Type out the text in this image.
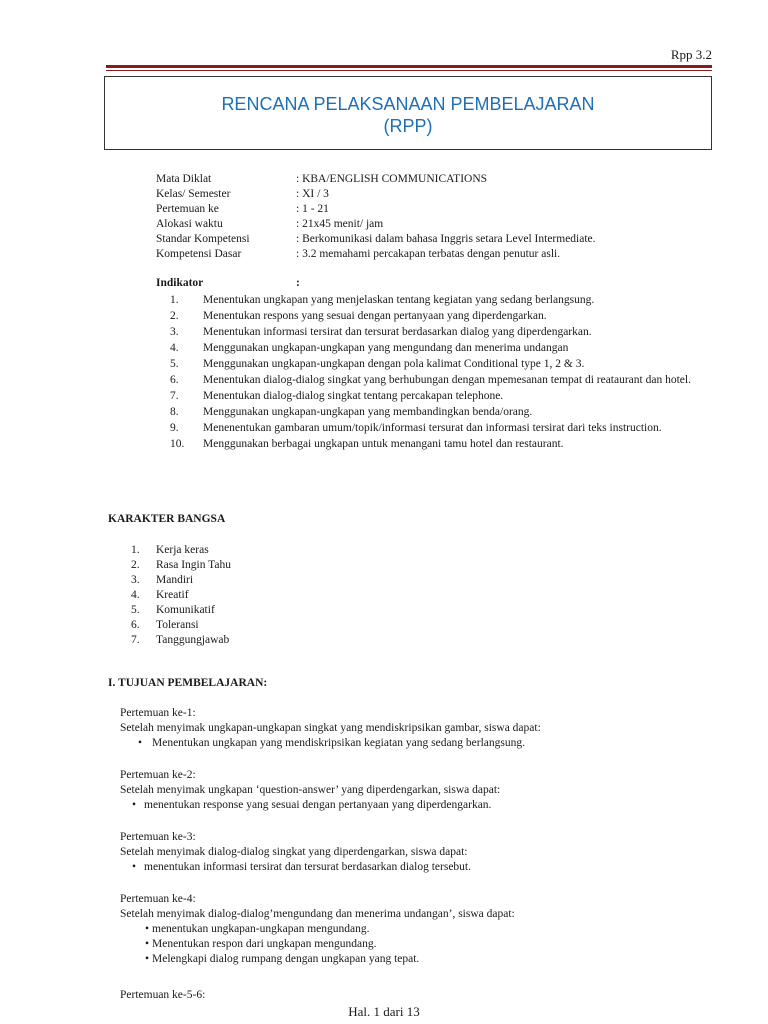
Rpp 3.2
RENCANA PELAKSANAAN PEMBELAJARAN
(RPP)
Mata Diklat	: KBA/ENGLISH COMMUNICATIONS
Kelas/ Semester	: XI / 3
Pertemuan ke	: 1 - 21
Alokasi waktu	: 21x45 menit/ jam
Standar Kompetensi	: Berkomunikasi dalam bahasa Inggris setara Level Intermediate.
Kompetensi Dasar	: 3.2 memahami percakapan terbatas dengan penutur asli.
Indikator	:
1.	Menentukan ungkapan yang menjelaskan tentang kegiatan yang sedang berlangsung.
2.	Menentukan respons yang sesuai dengan pertanyaan yang diperdengarkan.
3.	Menentukan informasi tersirat dan tersurat berdasarkan dialog yang diperdengarkan.
4.	Menggunakan ungkapan-ungkapan yang mengundang dan menerima undangan
5.	Menggunakan ungkapan-ungkapan dengan pola kalimat Conditional type 1, 2 & 3.
6.	Menentukan dialog-dialog singkat yang berhubungan dengan mpemesanan tempat di reataurant dan hotel.
7.	Menentukan dialog-dialog singkat tentang percakapan telephone.
8.	Menggunakan ungkapan-ungkapan yang membandingkan benda/orang.
9.	Menenentukan gambaran umum/topik/informasi tersurat dan informasi tersirat dari teks instruction.
10.	Menggunakan berbagai ungkapan untuk menangani tamu hotel dan restaurant.
KARAKTER BANGSA
1.	Kerja keras
2.	Rasa Ingin Tahu
3.	Mandiri
4.	Kreatif
5.	Komunikatif
6.	Toleransi
7.	Tanggungjawab
I. TUJUAN PEMBELAJARAN:
Pertemuan ke-1:
Setelah menyimak ungkapan-ungkapan singkat yang mendiskripsikan gambar, siswa dapat:
• Menentukan ungkapan yang mendiskripsikan kegiatan yang sedang berlangsung.
Pertemuan ke-2:
Setelah menyimak ungkapan ‘question-answer’ yang diperdengarkan, siswa dapat:
• menentukan response yang sesuai dengan pertanyaan yang diperdengarkan.
Pertemuan ke-3:
Setelah menyimak dialog-dialog singkat yang diperdengarkan, siswa dapat:
• menentukan informasi tersirat dan tersurat berdasarkan dialog tersebut.
Pertemuan ke-4:
Setelah menyimak dialog-dialog’mengundang dan menerima undangan’, siswa dapat:
• menentukan ungkapan-ungkapan mengundang.
• Menentukan respon dari ungkapan mengundang.
• Melengkapi dialog rumpang dengan ungkapan yang tepat.
Pertemuan ke-5-6:
Hal. 1 dari 13
